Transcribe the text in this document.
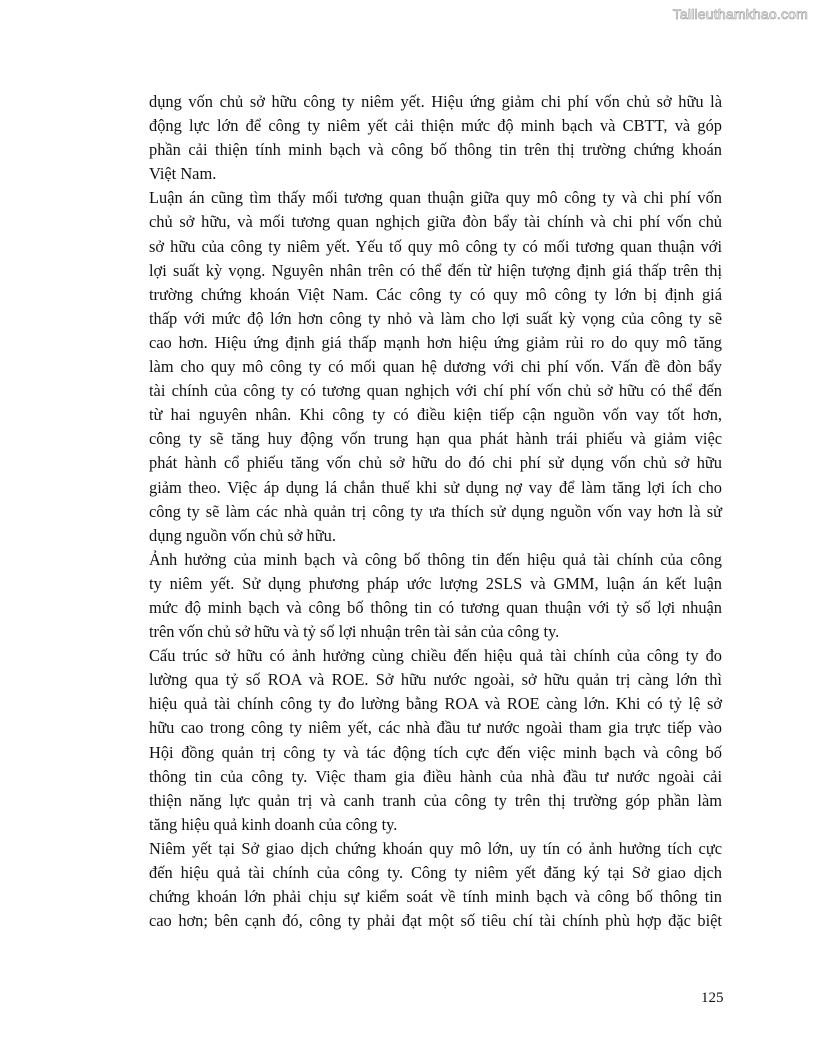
Tailieuthamkhao.com

dụng vốn chủ sở hữu công ty niêm yết. Hiệu ứng giảm chi phí vốn chủ sở hữu là
động lực lớn để công ty niêm yết cải thiện mức độ minh bạch và CBTT, và góp
phần cải thiện tính minh bạch và công bố thông tin trên thị trường chứng khoán
Việt Nam.

Luận án cũng tìm thấy mối tương quan thuận giữa quy mô công ty và chi phí vốn
chủ sở hữu, và mối tương quan nghịch giữa đòn bẩy tài chính và chi phí vốn chủ
sở hữu của công ty niêm yết. Yếu tố quy mô công ty có mối tương quan thuận với
lợi suất kỳ vọng. Nguyên nhân trên có thể đến từ hiện tượng định giá thấp trên thị
trường chứng khoán Việt Nam. Các công ty có quy mô công ty lớn bị định giá
thấp với mức độ lớn hơn công ty nhỏ và làm cho lợi suất kỳ vọng của công ty sẽ
cao hơn. Hiệu ứng định giá thấp mạnh hơn hiệu ứng giảm rủi ro do quy mô tăng
làm cho quy mô công ty có mối quan hệ dương với chi phí vốn. Vấn đề đòn bẩy
tài chính của công ty có tương quan nghịch với chí phí vốn chủ sở hữu có thể đến
từ hai nguyên nhân. Khi công ty có điều kiện tiếp cận nguồn vốn vay tốt hơn,
công ty sẽ tăng huy động vốn trung hạn qua phát hành trái phiếu và giảm việc
phát hành cổ phiếu tăng vốn chủ sở hữu do đó chi phí sử dụng vốn chủ sở hữu
giảm theo. Việc áp dụng lá chắn thuế khi sử dụng nợ vay để làm tăng lợi ích cho
công ty sẽ làm các nhà quản trị công ty ưa thích sử dụng nguồn vốn vay hơn là sử
dụng nguồn vốn chủ sở hữu.

Ảnh hưởng của minh bạch và công bố thông tin đến hiệu quả tài chính của công
ty niêm yết. Sử dụng phương pháp ước lượng 2SLS và GMM, luận án kết luận
mức độ minh bạch và công bố thông tin có tương quan thuận với tỷ số lợi nhuận
trên vốn chủ sở hữu và tỷ số lợi nhuận trên tài sản của công ty.

Cấu trúc sở hữu có ảnh hưởng cùng chiều đến hiệu quả tài chính của công ty đo
lường qua tỷ số ROA và ROE. Sở hữu nước ngoài, sở hữu quản trị càng lớn thì
hiệu quả tài chính công ty đo lường bằng ROA và ROE càng lớn. Khi có tỷ lệ sở
hữu cao trong công ty niêm yết, các nhà đầu tư nước ngoài tham gia trực tiếp vào
Hội đồng quản trị công ty và tác động tích cực đến việc minh bạch và công bố
thông tin của công ty. Việc tham gia điều hành của nhà đầu tư nước ngoài cải
thiện năng lực quản trị và canh tranh của công ty trên thị trường góp phần làm
tăng hiệu quả kinh doanh của công ty.

Niêm yết tại Sở giao dịch chứng khoán quy mô lớn, uy tín có ảnh hưởng tích cực
đến hiệu quả tài chính của công ty. Công ty niêm yết đăng ký tại Sở giao dịch
chứng khoán lớn phải chịu sự kiểm soát về tính minh bạch và công bố thông tin
cao hơn; bên cạnh đó, công ty phải đạt một số tiêu chí tài chính phù hợp đặc biệt

125
